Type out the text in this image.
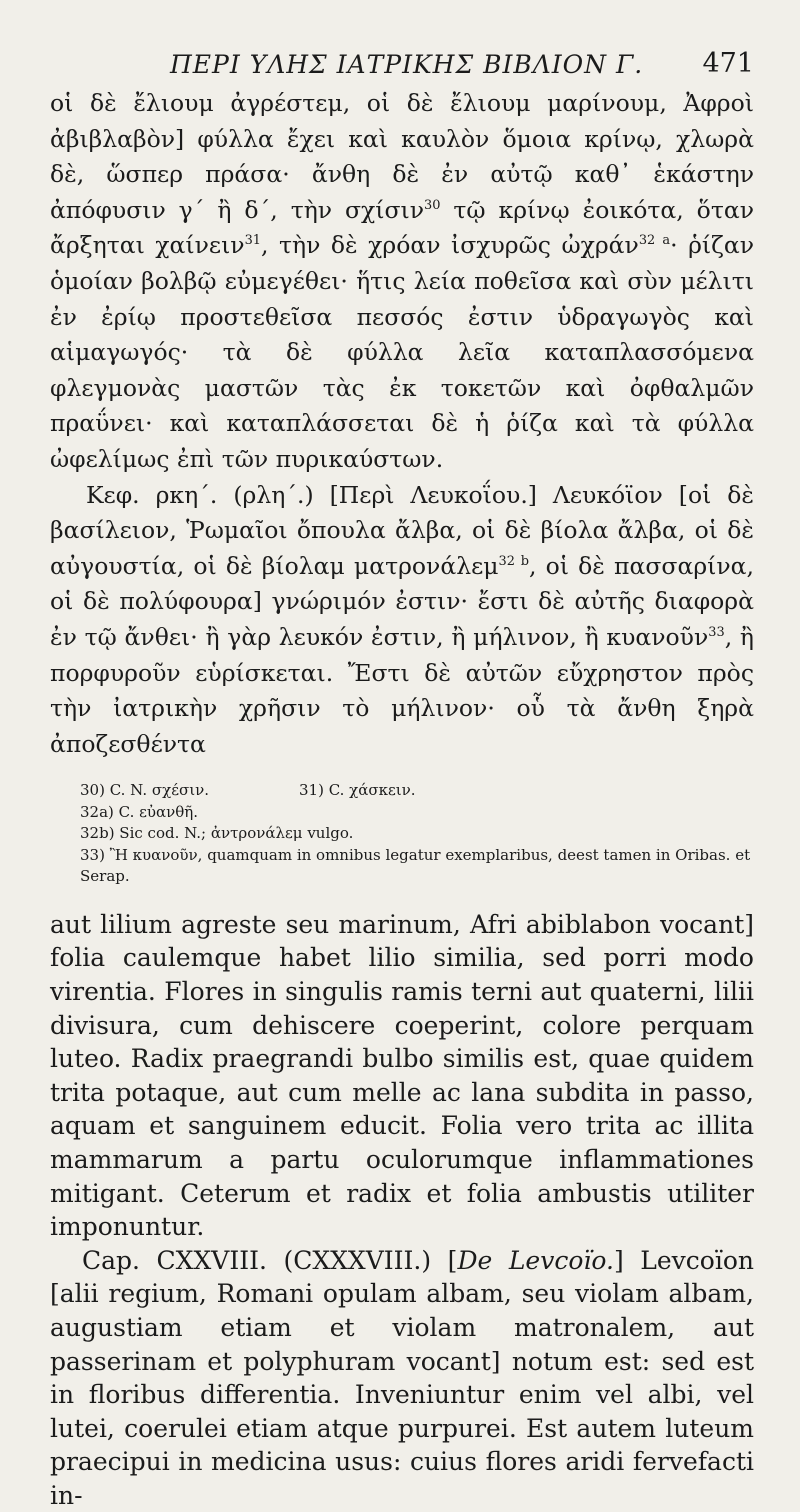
ΠΕΡΙ ΥΛΗΣ ΙΑΤΡΙΚΗΣ ΒΙΒΛΙΟΝ Γ. 471

οἱ δὲ ἔλιουμ ἀγρέστεμ, οἱ δὲ ἔλιουμ μαρίνουμ, Ἀφροὶ ἀβιβλαβὸν] φύλλα ἔχει καὶ καυλὸν ὅμοια κρίνῳ, χλωρὰ δὲ, ὥσπερ πράσα· ἄνθη δὲ ἐν αὐτῷ καθ᾽ ἑκάστην ἀπόφυσιν γ´ ἢ δ´, τὴν σχίσιν$^{30}$ τῷ κρίνῳ ἐοικότα, ὅταν ἄρξηται χαίνειν$^{31}$, τὴν δὲ χρόαν ἰσχυρῶς ὠχράν$^{32 a}$· ῥίζαν ὁμοίαν βολβῷ εὐμεγέθει· ἥτις λεία ποθεῖσα καὶ σὺν μέλιτι ἐν ἐρίῳ προστεθεῖσα πεσσός ἐστιν ὑδραγωγὸς καὶ αἱμαγωγός· τὰ δὲ φύλλα λεῖα καταπλασσόμενα φλεγμονὰς μαστῶν τὰς ἐκ τοκετῶν καὶ ὀφθαλμῶν πραΰνει· καὶ καταπλάσσεται δὲ ἡ ῥίζα καὶ τὰ φύλλα ὠφελίμως ἐπὶ τῶν πυρικαύστων.

Κεφ. ρκη´. (ρλη´.) [Περὶ Λευκοΐου.] Λευκόϊον [οἱ δὲ βασίλειον, Ῥωμαῖοι ὄπουλα ἄλβα, οἱ δὲ βίολα ἄλβα, οἱ δὲ αὐγουστία, οἱ δὲ βίολαμ ματρονάλεμ$^{32 b}$, οἱ δὲ πασσαρίνα, οἱ δὲ πολύφουρα] γνώριμόν ἐστιν· ἔστι δὲ αὐτῆς διαφορὰ ἐν τῷ ἄνθει· ἢ γὰρ λευκόν ἐστιν, ἢ μήλινον, ἢ κυανοῦν$^{33}$, ἢ πορφυροῦν εὑρίσκεται. Ἔστι δὲ αὐτῶν εὔχρηστον πρὸς τὴν ἰατρικὴν χρῆσιν τὸ μήλινον· οὗ τὰ ἄνθη ξηρὰ ἀποζεσθέντα

30) C. N. σχέσιν.	31) C. χάσκειν.
32a) C. εὐανθῆ.
32b) Sic cod. N.; ἀντρονάλεμ vulgo.
33) Ἢ κυανοῦν, quamquam in omnibus legatur exemplaribus, deest tamen in Oribas. et Serap.

aut lilium agreste seu marinum, Afri abiblabon vocant] folia caulemque habet lilio similia, sed porri modo virentia. Flores in singulis ramis terni aut quaterni, lilii divisura, cum dehiscere coeperint, colore perquam luteo. Radix praegrandi bulbo similis est, quae quidem trita potaque, aut cum melle ac lana subdita in passo, aquam et sanguinem educit. Folia vero trita ac illita mammarum a partu oculorumque inflammationes mitigant. Ceterum et radix et folia ambustis utiliter imponuntur.

Cap. CXXVIII. (CXXXVIII.) [De Levcoïo.] Levcoïon [alii regium, Romani opulam albam, seu violam albam, augustiam etiam et violam matronalem, aut passerinam et polyphuram vocant] notum est: sed est in floribus differentia. Inveniuntur enim vel albi, vel lutei, coerulei etiam atque purpurei. Est autem luteum praecipui in medicina usus: cuius flores aridi fervefacti in-
